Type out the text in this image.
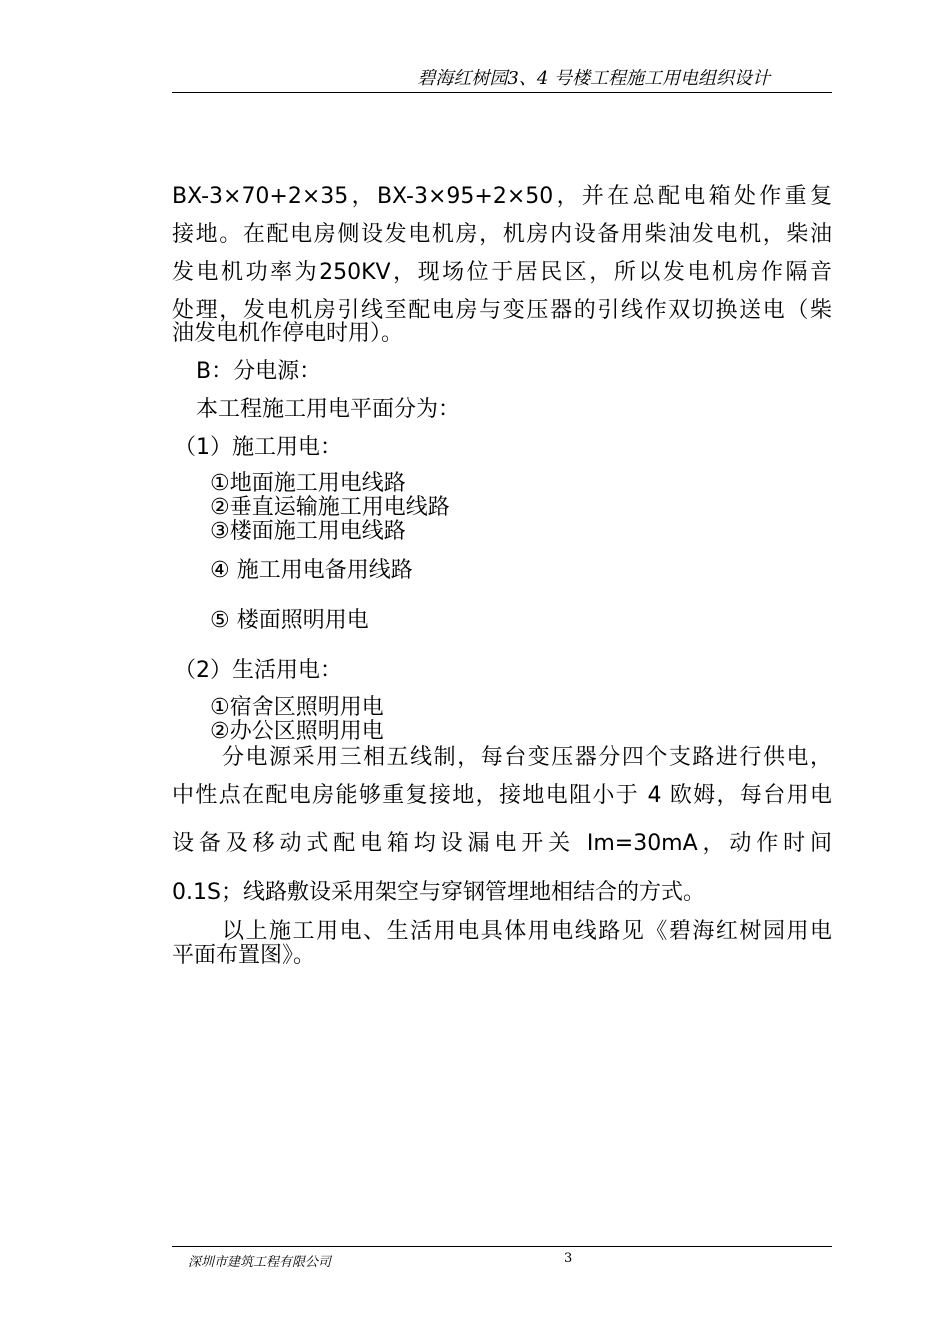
碧海红树园3、4 号楼工程施工用电组织设计
BX-3×70+2×35，BX-3×95+2×50，并在总配电箱处作重复
接地。在配电房侧设发电机房，机房内设备用柴油发电机，柴油
发电机功率为250KV，现场位于居民区，所以发电机房作隔音
处理，发电机房引线至配电房与变压器的引线作双切换送电（柴
油发电机作停电时用）。
B：分电源：
本工程施工用电平面分为：
（1）施工用电：
①地面施工用电线路
②垂直运输施工用电线路
③楼面施工用电线路
④ 施工用电备用线路
⑤ 楼面照明用电
（2）生活用电：
①宿舍区照明用电
②办公区照明用电
分电源采用三相五线制，每台变压器分四个支路进行供电，
中性点在配电房能够重复接地，接地电阻小于 4 欧姆，每台用电
设备及移动式配电箱均设漏电开关 Im=30mA，动作时间
0.1S；线路敷设采用架空与穿钢管埋地相结合的方式。
以上施工用电、生活用电具体用电线路见《碧海红树园用电
平面布置图》。
深圳市建筑工程有限公司	3
